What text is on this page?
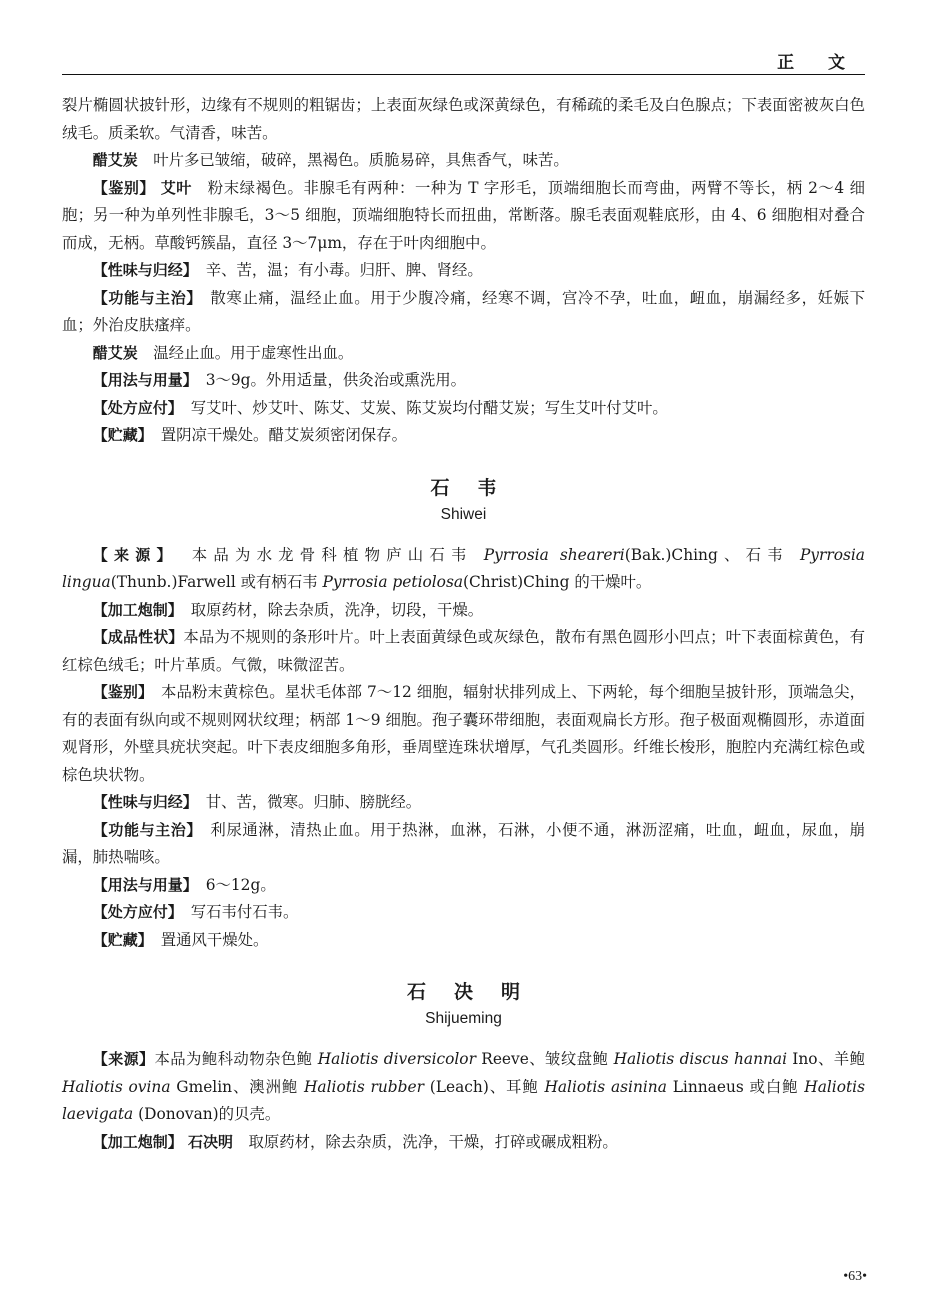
正 文

裂片椭圆状披针形，边缘有不规则的粗锯齿；上表面灰绿色或深黄绿色，有稀疏的柔毛及白色腺点；下表面密被灰白色绒毛。质柔软。气清香，味苦。

醋艾炭　叶片多已皱缩，破碎，黑褐色。质脆易碎，具焦香气，味苦。

【鉴别】 艾叶　粉末绿褐色。非腺毛有两种：一种为 T 字形毛，顶端细胞长而弯曲，两臂不等长，柄 2～4 细胞；另一种为单列性非腺毛，3～5 细胞，顶端细胞特长而扭曲，常断落。腺毛表面观鞋底形，由 4、6 细胞相对叠合而成，无柄。草酸钙簇晶，直径 3～7μm，存在于叶肉细胞中。

【性味与归经】　辛、苦，温；有小毒。归肝、脾、肾经。

【功能与主治】　散寒止痛，温经止血。用于少腹冷痛，经寒不调，宫冷不孕，吐血，衄血，崩漏经多，妊娠下血；外治皮肤瘙痒。

醋艾炭　温经止血。用于虚寒性出血。

【用法与用量】　3～9g。外用适量，供灸治或熏洗用。

【处方应付】　写艾叶、炒艾叶、陈艾、艾炭、陈艾炭均付醋艾炭；写生艾叶付艾叶。

【贮藏】　置阴凉干燥处。醋艾炭须密闭保存。

石韦
Shiwei

【来源】　本品为水龙骨科植物庐山石韦 Pyrrosia sheareri(Bak.)Ching、石韦 Pyrrosia lingua(Thunb.)Farwell 或有柄石韦 Pyrrosia petiolosa(Christ)Ching 的干燥叶。

【加工炮制】　取原药材，除去杂质，洗净，切段，干燥。

【成品性状】本品为不规则的条形叶片。叶上表面黄绿色或灰绿色，散布有黑色圆形小凹点；叶下表面棕黄色，有红棕色绒毛；叶片革质。气微，味微涩苦。

【鉴别】　本品粉末黄棕色。星状毛体部 7～12 细胞，辐射状排列成上、下两轮，每个细胞呈披针形，顶端急尖，有的表面有纵向或不规则网状纹理；柄部 1～9 细胞。孢子囊环带细胞，表面观扁长方形。孢子极面观椭圆形，赤道面观肾形，外壁具疣状突起。叶下表皮细胞多角形，垂周壁连珠状增厚，气孔类圆形。纤维长梭形，胞腔内充满红棕色或棕色块状物。

【性味与归经】　甘、苦，微寒。归肺、膀胱经。

【功能与主治】　利尿通淋，清热止血。用于热淋，血淋，石淋，小便不通，淋沥涩痛，吐血，衄血，尿血，崩漏，肺热喘咳。

【用法与用量】　6～12g。

【处方应付】　写石韦付石韦。

【贮藏】　置通风干燥处。

石决明
Shijueming

【来源】本品为鲍科动物杂色鲍 Haliotis diversicolor Reeve、皱纹盘鲍 Haliotis discus hannai Ino、羊鲍 Haliotis ovina Gmelin、澳洲鲍 Haliotis rubber (Leach)、耳鲍 Haliotis asinina Linnaeus 或白鲍 Haliotis laevigata (Donovan)的贝壳。

【加工炮制】 石决明　取原药材，除去杂质，洗净，干燥，打碎或碾成粗粉。

•63•
